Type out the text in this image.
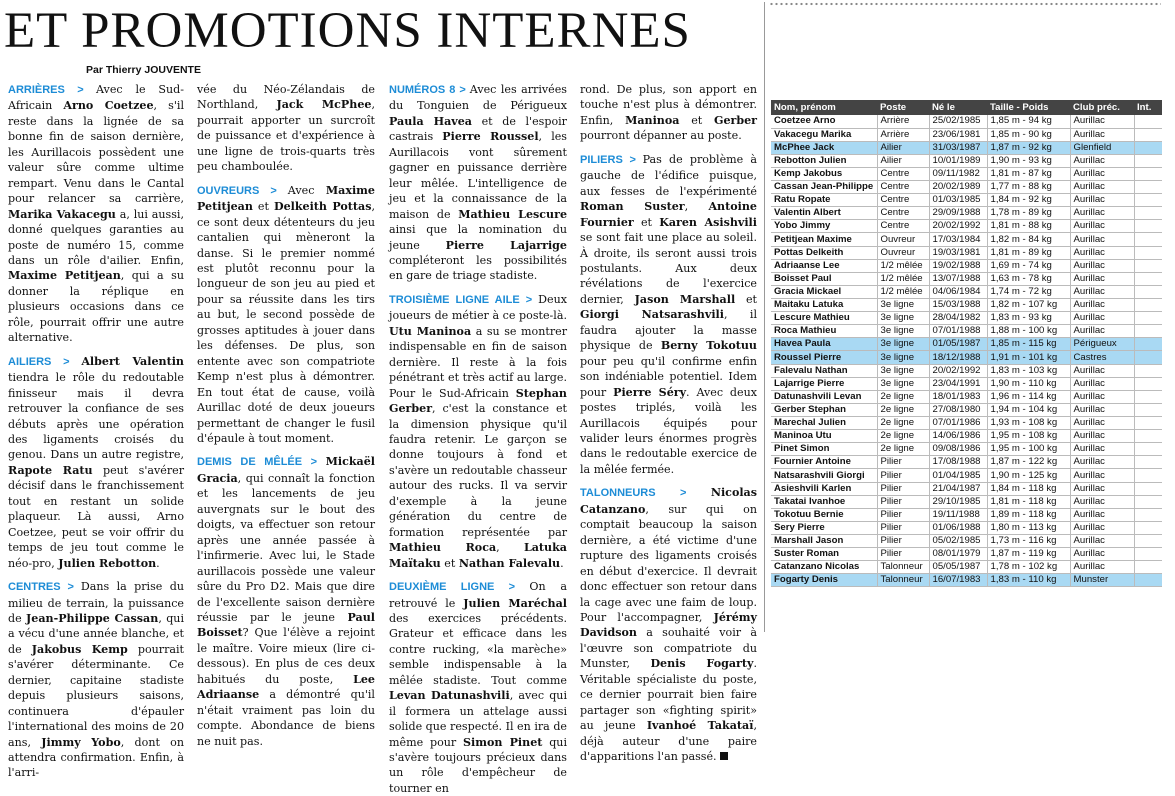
ET PROMOTIONS INTERNES
Par Thierry JOUVENTE

ARRIÈRES > Avec le Sud-Africain Arno Coetzee, s'il reste dans la lignée de sa bonne fin de saison dernière, les Aurillacois possèdent une valeur sûre comme ultime rempart. Venu dans le Cantal pour relancer sa carrière, Marika Vakacegu a, lui aussi, donné quelques garanties au poste de numéro 15, comme dans un rôle d'ailier. Enfin, Maxime Petitjean, qui a su donner la réplique en plusieurs occasions dans ce rôle, pourrait offrir une autre alternative.

AILIERS > Albert Valentin tiendra le rôle du redoutable finisseur mais il devra retrouver la confiance de ses débuts après une opération des ligaments croisés du genou. Dans un autre registre, Rapote Ratu peut s'avérer décisif dans le franchissement tout en restant un solide plaqueur. Là aussi, Arno Coetzee, peut se voir offrir du temps de jeu tout comme le néo-pro, Julien Rebotton.

CENTRES > Dans la prise du milieu de terrain, la puissance de Jean-Philippe Cassan, qui a vécu d'une année blanche, et de Jakobus Kemp pourrait s'avérer déterminante. Ce dernier, capitaine stadiste depuis plusieurs saisons, continuera d'épauler l'international des moins de 20 ans, Jimmy Yobo, dont on attendra confirmation. Enfin, à l'arri-

vée du Néo-Zélandais de Northland, Jack McPhee, pourrait apporter un surcroît de puissance et d'expérience à une ligne de trois-quarts très peu chamboulée.

OUVREURS > Avec Maxime Petitjean et Delkeith Pottas, ce sont deux détenteurs du jeu cantalien qui mèneront la danse. Si le premier nommé est plutôt reconnu pour la longueur de son jeu au pied et pour sa réussite dans les tirs au but, le second possède de grosses aptitudes à jouer dans les défenses. De plus, son entente avec son compatriote Kemp n'est plus à démontrer. En tout état de cause, voilà Aurillac doté de deux joueurs permettant de changer le fusil d'épaule à tout moment.

DEMIS DE MÊLÉE > Mickaël Gracia, qui connaît la fonction et les lancements de jeu auvergnats sur le bout des doigts, va effectuer son retour après une année passée à l'infirmerie. Avec lui, le Stade aurillacois possède une valeur sûre du Pro D2. Mais que dire de l'excellente saison dernière réussie par le jeune Paul Boisset? Que l'élève a rejoint le maître. Voire mieux (lire ci-dessous). En plus de ces deux habitués du poste, Lee Adriaanse a démontré qu'il n'était vraiment pas loin du compte. Abondance de biens ne nuit pas.

NUMÉROS 8 > Avec les arrivées du Tonguien de Périgueux Paula Havea et de l'espoir castrais Pierre Roussel, les Aurillacois vont sûrement gagner en puissance derrière leur mêlée. L'intelligence de jeu et la connaissance de la maison de Mathieu Lescure ainsi que la nomination du jeune Pierre Lajarrige compléteront les possibilités en gare de triage stadiste.

TROISIÈME LIGNE AILE > Deux joueurs de métier à ce poste-là. Utu Maninoa a su se montrer indispensable en fin de saison dernière. Il reste à la fois pénétrant et très actif au large. Pour le Sud-Africain Stephan Gerber, c'est la constance et la dimension physique qu'il faudra retenir. Le garçon se donne toujours à fond et s'avère un redoutable chasseur autour des rucks. Il va servir d'exemple à la jeune génération du centre de formation représentée par Mathieu Roca, Latuka Maïtaku et Nathan Falevalu.

DEUXIÈME LIGNE > On a retrouvé le Julien Maréchal des exercices précédents. Grateur et efficace dans les contre rucking, «la marèche» semble indispensable à la mêlée stadiste. Tout comme Levan Datunashvili, avec qui il formera un attelage aussi solide que respecté. Il en ira de même pour Simon Pinet qui s'avère toujours précieux dans un rôle d'empêcheur de tourner en

rond. De plus, son apport en touche n'est plus à démontrer. Enfin, Maninoa et Gerber pourront dépanner au poste.

PILIERS > Pas de problème à gauche de l'édifice puisque, aux fesses de l'expérimenté Roman Suster, Antoine Fournier et Karen Asishvili se sont fait une place au soleil. À droite, ils seront aussi trois postulants. Aux deux révélations de l'exercice dernier, Jason Marshall et Giorgi Natsarashvili, il faudra ajouter la masse physique de Berny Tokotuu pour peu qu'il confirme enfin son indéniable potentiel. Idem pour Pierre Séry. Avec deux postes triplés, voilà les Aurillacois équipés pour valider leurs énormes progrès dans le redoutable exercice de la mêlée fermée.

TALONNEURS > Nicolas Catanzano, sur qui on comptait beaucoup la saison dernière, a été victime d'une rupture des ligaments croisés en début d'exercice. Il devrait donc effectuer son retour dans la cage avec une faim de loup. Pour l'accompagner, Jérémy Davidson a souhaité voir à l'œuvre son compatriote du Munster, Denis Fogarty. Véritable spécialiste du poste, ce dernier pourrait bien faire partager son «fighting spirit» au jeune Ivanhoé Takataï, déjà auteur d'une paire d'apparitions l'an passé.

Nom, prénom	Poste	Né le	Taille - Poids	Club préc.	Int.
Coetzee Arno	Arrière	25/02/1985	1,85 m - 94 kg	Aurillac	
Vakacegu Marika	Arrière	23/06/1981	1,85 m - 90 kg	Aurillac	
McPhee Jack	Ailier	31/03/1987	1,87 m - 92 kg	Glenfield	
Rebotton Julien	Ailier	10/01/1989	1,90 m - 93 kg	Aurillac	
Kemp Jakobus	Centre	09/11/1982	1,81 m - 87 kg	Aurillac	
Cassan Jean-Philippe	Centre	20/02/1989	1,77 m - 88 kg	Aurillac	
Ratu Ropate	Centre	01/03/1985	1,84 m - 92 kg	Aurillac	
Valentin Albert	Centre	29/09/1988	1,78 m - 89 kg	Aurillac	
Yobo Jimmy	Centre	20/02/1992	1,81 m - 88 kg	Aurillac	
Petitjean Maxime	Ouvreur	17/03/1984	1,82 m - 84 kg	Aurillac	
Pottas Delkeith	Ouvreur	19/03/1981	1,81 m - 89 kg	Aurillac	
Adriaanse Lee	1/2 mêlée	19/02/1988	1,69 m - 74 kg	Aurillac	
Boisset Paul	1/2 mêlée	13/07/1988	1,63 m - 78 kg	Aurillac	
Gracia Mickael	1/2 mêlée	04/06/1984	1,74 m - 72 kg	Aurillac	
Maitaku Latuka	3e ligne	15/03/1988	1,82 m - 107 kg	Aurillac	
Lescure Mathieu	3e ligne	28/04/1982	1,83 m - 93 kg	Aurillac	
Roca Mathieu	3e ligne	07/01/1988	1,88 m - 100 kg	Aurillac	
Havea Paula	3e ligne	01/05/1987	1,85 m - 115 kg	Périgueux	
Roussel Pierre	3e ligne	18/12/1988	1,91 m - 101 kg	Castres	
Falevalu Nathan	3e ligne	20/02/1992	1,83 m - 103 kg	Aurillac	
Lajarrige Pierre	3e ligne	23/04/1991	1,90 m - 110 kg	Aurillac	
Datunashvili Levan	2e ligne	18/01/1983	1,96 m - 114 kg	Aurillac	
Gerber Stephan	2e ligne	27/08/1980	1,94 m - 104 kg	Aurillac	
Marechal Julien	2e ligne	07/01/1986	1,93 m - 108 kg	Aurillac	
Maninoa Utu	2e ligne	14/06/1986	1,95 m - 108 kg	Aurillac	
Pinet Simon	2e ligne	09/08/1986	1,95 m - 100 kg	Aurillac	
Fournier Antoine	Pilier	17/08/1988	1,87 m - 122 kg	Aurillac	
Natsarashvili Giorgi	Pilier	01/04/1985	1,90 m - 125 kg	Aurillac	
Asieshvili Karlen	Pilier	21/04/1987	1,84 m - 118 kg	Aurillac	
Takatai Ivanhoe	Pilier	29/10/1985	1,81 m - 118 kg	Aurillac	
Tokotuu Bernie	Pilier	19/11/1988	1,89 m - 118 kg	Aurillac	
Sery Pierre	Pilier	01/06/1988	1,80 m - 113 kg	Aurillac	
Marshall Jason	Pilier	05/02/1985	1,73 m - 116 kg	Aurillac	
Suster Roman	Pilier	08/01/1979	1,87 m - 119 kg	Aurillac	
Catanzano Nicolas	Talonneur	05/05/1987	1,78 m - 102 kg	Aurillac	
Fogarty Denis	Talonneur	16/07/1983	1,83 m - 110 kg	Munster	
